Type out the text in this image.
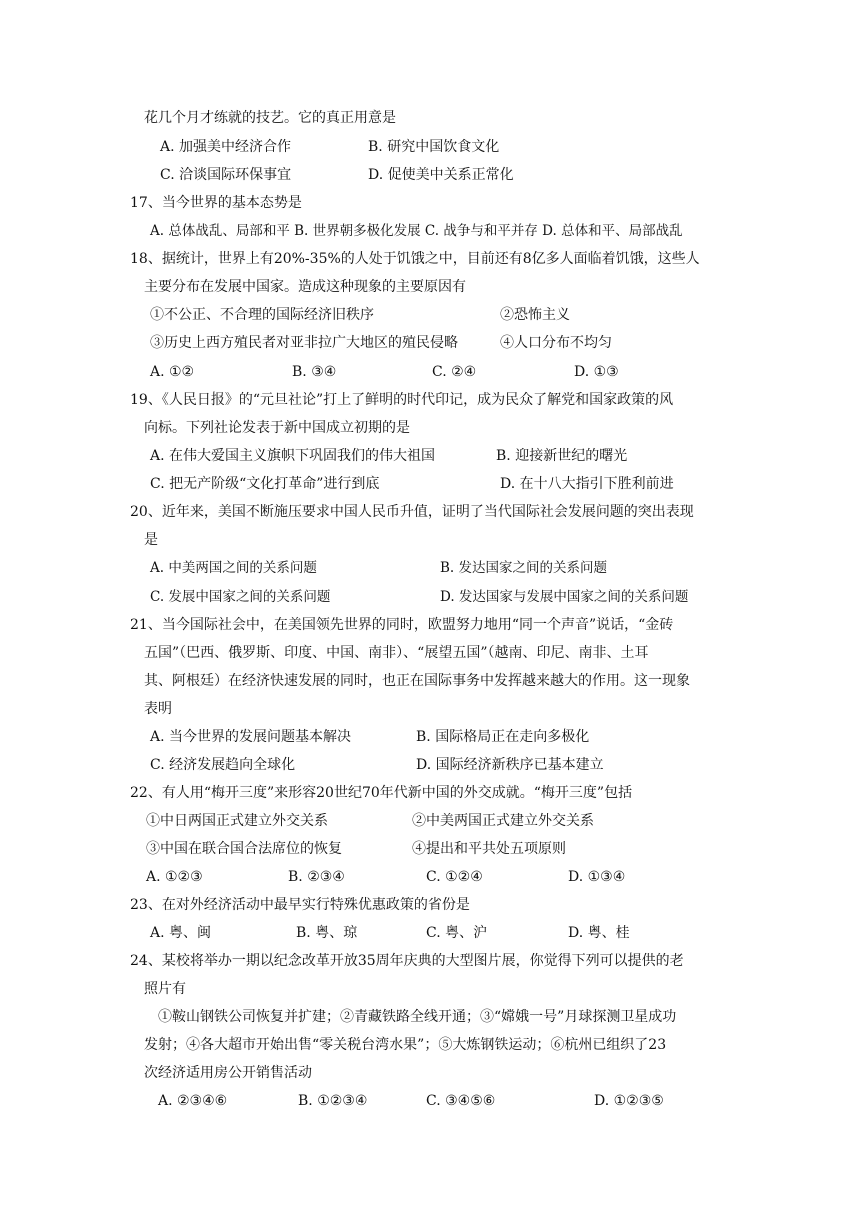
花几个月才练就的技艺。它的真正用意是
A. 加强美中经济合作	B. 研究中国饮食文化
C. 洽谈国际环保事宜	D. 促使美中关系正常化
17、当今世界的基本态势是
A. 总体战乱、局部和平 B. 世界朝多极化发展 C. 战争与和平并存 D. 总体和平、局部战乱
18、据统计，世界上有20%-35%的人处于饥饿之中，目前还有8亿多人面临着饥饿，这些人
主要分布在发展中国家。造成这种现象的主要原因有
①不公正、不合理的国际经济旧秩序	②恐怖主义
③历史上西方殖民者对亚非拉广大地区的殖民侵略	④人口分布不均匀
A. ①②	B. ③④	C. ②④	D. ①③
19、《人民日报》的“元旦社论”打上了鲜明的时代印记，成为民众了解党和国家政策的风
向标。下列社论发表于新中国成立初期的是
A. 在伟大爱国主义旗帜下巩固我们的伟大祖国	B. 迎接新世纪的曙光
C. 把无产阶级“文化打革命”进行到底	D. 在十八大指引下胜利前进
20、近年来，美国不断施压要求中国人民币升值，证明了当代国际社会发展问题的突出表现
是
A. 中美两国之间的关系问题	B. 发达国家之间的关系问题
C. 发展中国家之间的关系问题	D. 发达国家与发展中国家之间的关系问题
21、当今国际社会中，在美国领先世界的同时，欧盟努力地用“同一个声音”说话，“金砖
五国”（巴西、俄罗斯、印度、中国、南非）、“展望五国”（越南、印尼、南非、土耳
其、阿根廷）在经济快速发展的同时，也正在国际事务中发挥越来越大的作用。这一现象
表明
A. 当今世界的发展问题基本解决	B. 国际格局正在走向多极化
C. 经济发展趋向全球化	D. 国际经济新秩序已基本建立
22、有人用“梅开三度”来形容20世纪70年代新中国的外交成就。“梅开三度”包括
①中日两国正式建立外交关系	②中美两国正式建立外交关系
③中国在联合国合法席位的恢复	④提出和平共处五项原则
A. ①②③	B. ②③④	C. ①②④	D. ①③④
23、在对外经济活动中最早实行特殊优惠政策的省份是
A. 粤、闽	B. 粤、琼	C. 粤、沪	D. 粤、桂
24、某校将举办一期以纪念改革开放35周年庆典的大型图片展，你觉得下列可以提供的老
照片有
①鞍山钢铁公司恢复并扩建；②青藏铁路全线开通；③“嫦娥一号”月球探测卫星成功
发射；④各大超市开始出售“零关税台湾水果”；⑤大炼钢铁运动；⑥杭州已组织了23
次经济适用房公开销售活动
A. ②③④⑥	B. ①②③④	C. ③④⑤⑥	D. ①②③⑤
